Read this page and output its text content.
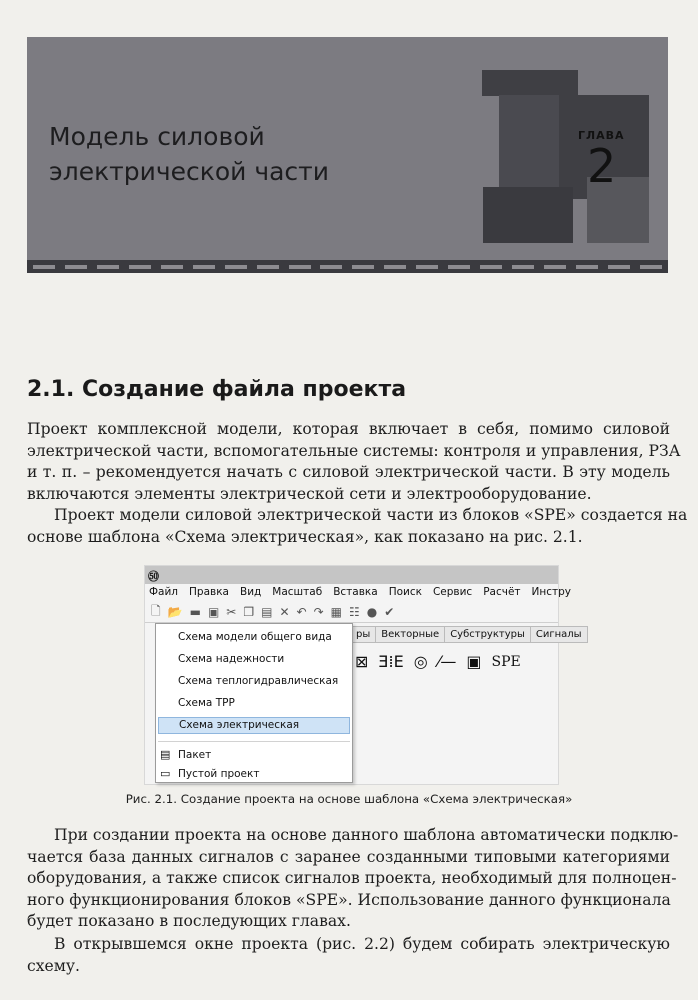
Модель силовой
электрической части
ГЛАВА
2
2.1. Создание файла проекта
Проект комплексной модели, которая включает в себя, помимо силовой
электрической части, вспомогательные системы: контроля и управления, РЗА
и т. п. – рекомендуется начать с силовой электрической части. В эту модель
включаются элементы электрической сети и электрооборудование.
Проект модели силовой электрической части из блоков «SPE» создается на
основе шаблона «Схема электрическая», как показано на рис. 2.1.
㊿
Файл Правка Вид Масштаб Вставка Поиск Сервис Расчёт Инстру
🗋 📂 ▬ ▣ ✂ ❐ ▤ ✕ ↶ ↷ ▦ ☷ ● ✔
ры	Векторные	Субструктуры	Сигналы
⊠ Ǝ⁞E ◎ ⁄— ▣ SPE
Схема модели общего вида
Схема надежности
Схема теплогидравлическая
Схема ТРР
Схема электрическая
▤ Пакет
▭ Пустой проект
Рис. 2.1. Создание проекта на основе шаблона «Схема электрическая»
При создании проекта на основе данного шаблона автоматически подклю-
чается база данных сигналов с заранее созданными типовыми категориями
оборудования, а также список сигналов проекта, необходимый для полноцен-
ного функционирования блоков «SPE». Использование данного функционала
будет показано в последующих главах.
В открывшемся окне проекта (рис. 2.2) будем собирать электрическую
схему.
